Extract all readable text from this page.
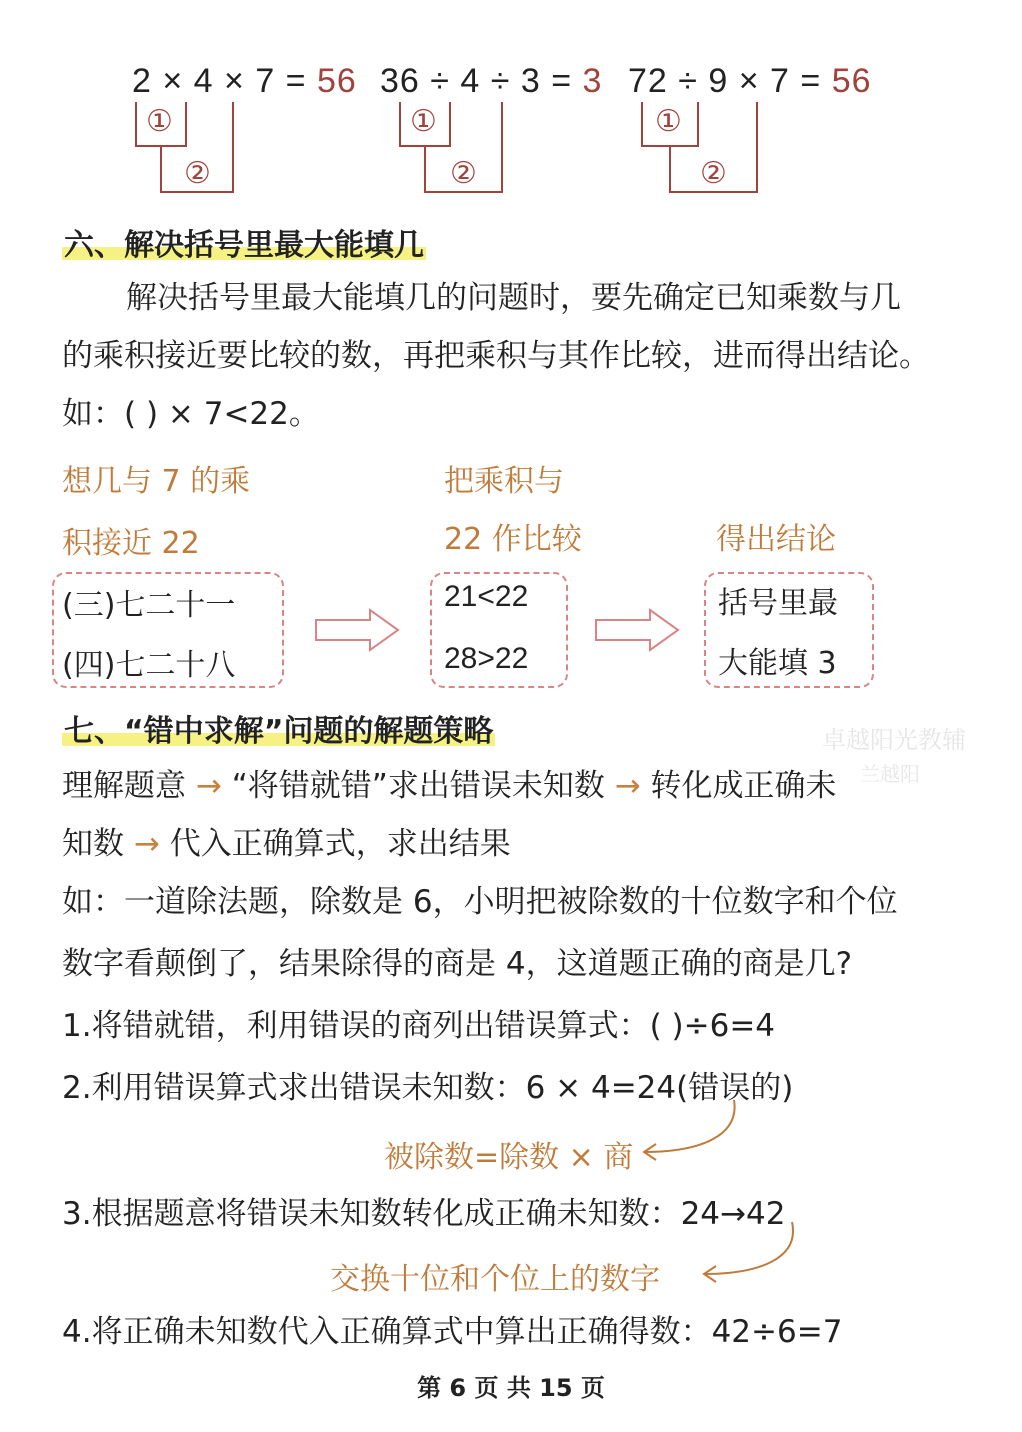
2 × 4 × 7 = 56 36 ÷ 4 ÷ 3 = 3 72 ÷ 9 × 7 = 56
①
②
①
②
①
②
六、解决括号里最大能填几
解决括号里最大能填几的问题时，要先确定已知乘数与几
的乘积接近要比较的数，再把乘积与其作比较，进而得出结论。
如：( ) × 7<22。
想几与 7 的乘
积接近 22
把乘积与
22 作比较	得出结论
(三)七二十一
(四)七二十八
21<22
28>22
括号里最
大能填 3
卓越阳光教辅
兰越阳
七、“错中求解”问题的解题策略
理解题意 → “将错就错”求出错误未知数 → 转化成正确未
知数 → 代入正确算式，求出结果
如：一道除法题，除数是 6，小明把被除数的十位数字和个位
数字看颠倒了，结果除得的商是 4，这道题正确的商是几?
1.将错就错，利用错误的商列出错误算式：( )÷6=4
2.利用错误算式求出错误未知数：6 × 4=24(错误的)
被除数=除数 × 商
3.根据题意将错误未知数转化成正确未知数：24→42
交换十位和个位上的数字
4.将正确未知数代入正确算式中算出正确得数：42÷6=7
第 6 页 共 15 页
